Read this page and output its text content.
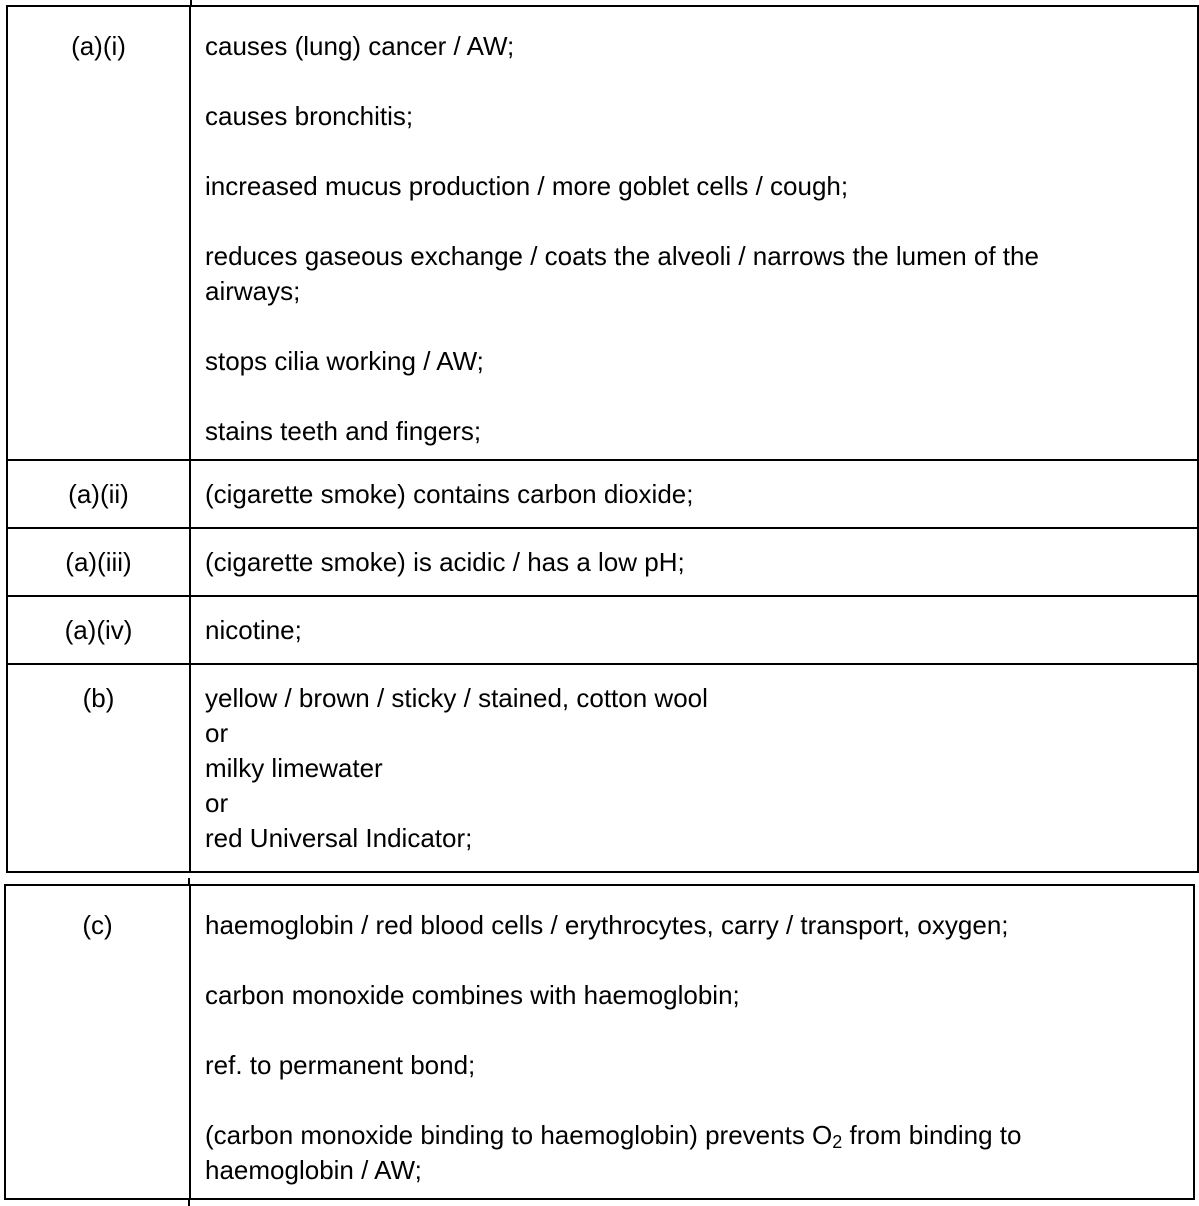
(a)(i)	causes (lung) cancer / AW;
causes bronchitis;
increased mucus production / more goblet cells / cough;
reduces gaseous exchange / coats the alveoli / narrows the lumen of the
airways;
stops cilia working / AW;
stains teeth and fingers;
(a)(ii)	(cigarette smoke) contains carbon dioxide;
(a)(iii)	(cigarette smoke) is acidic / has a low pH;
(a)(iv)	nicotine;
(b)	yellow / brown / sticky / stained, cotton wool
or
milky limewater
or
red Universal Indicator;
(c)	haemoglobin / red blood cells / erythrocytes, carry / transport, oxygen;
carbon monoxide combines with haemoglobin;
ref. to permanent bond;
(carbon monoxide binding to haemoglobin) prevents $O_2$ from binding to
haemoglobin / AW;
